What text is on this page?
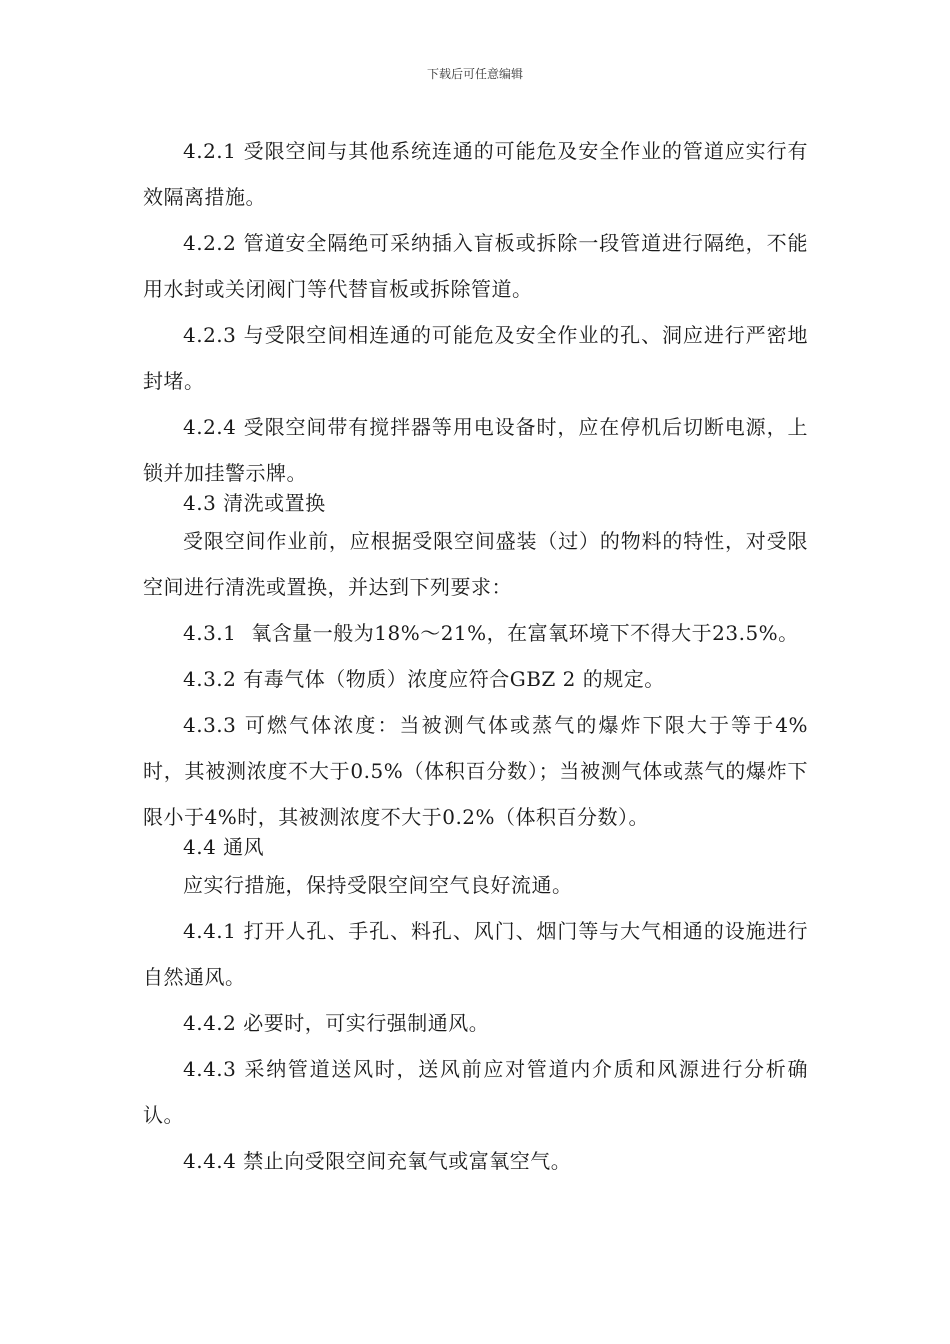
下载后可任意编辑

4.2.1 受限空间与其他系统连通的可能危及安全作业的管道应实行有效隔离措施。

4.2.2 管道安全隔绝可采纳插入盲板或拆除一段管道进行隔绝，不能用水封或关闭阀门等代替盲板或拆除管道。

4.2.3 与受限空间相连通的可能危及安全作业的孔、洞应进行严密地封堵。

4.2.4 受限空间带有搅拌器等用电设备时，应在停机后切断电源，上锁并加挂警示牌。

4.3 清洗或置换

受限空间作业前，应根据受限空间盛装（过）的物料的特性，对受限空间进行清洗或置换，并达到下列要求：

4.3.1 氧含量一般为18%～21%，在富氧环境下不得大于23.5%。

4.3.2 有毒气体（物质）浓度应符合GBZ 2 的规定。

4.3.3 可燃气体浓度：当被测气体或蒸气的爆炸下限大于等于4%时，其被测浓度不大于0.5%（体积百分数）；当被测气体或蒸气的爆炸下限小于4%时，其被测浓度不大于0.2%（体积百分数）。

4.4 通风

应实行措施，保持受限空间空气良好流通。

4.4.1 打开人孔、手孔、料孔、风门、烟门等与大气相通的设施进行自然通风。

4.4.2 必要时，可实行强制通风。

4.4.3 采纳管道送风时，送风前应对管道内介质和风源进行分析确认。

4.4.4 禁止向受限空间充氧气或富氧空气。
